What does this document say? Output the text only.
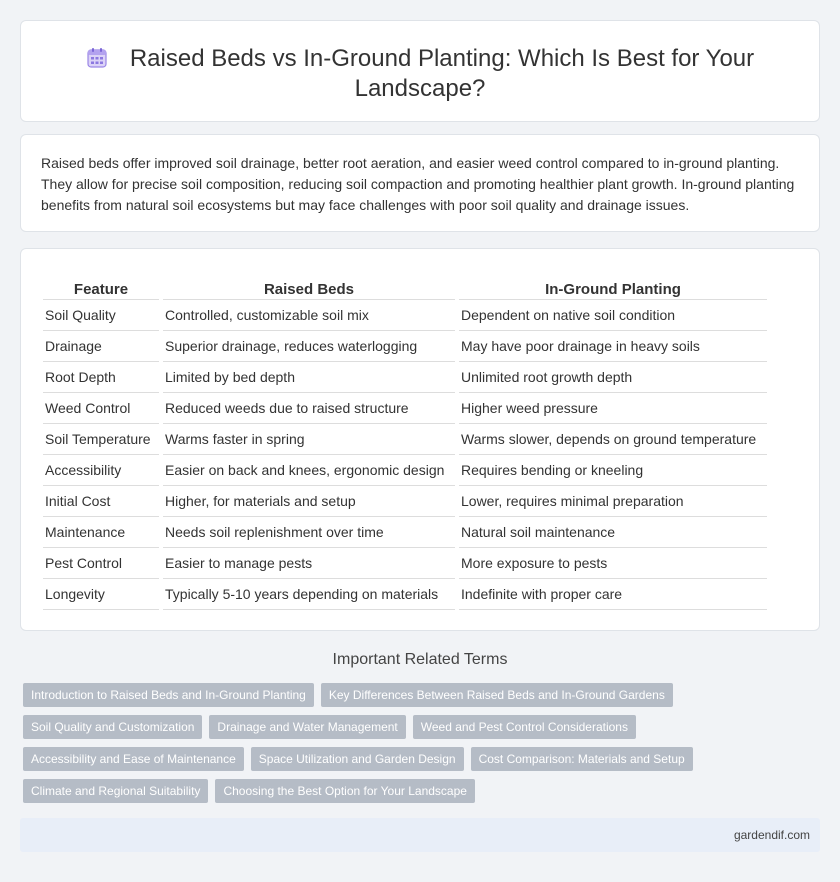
Raised Beds vs In-Ground Planting: Which Is Best for Your Landscape?

Raised beds offer improved soil drainage, better root aeration, and easier weed control compared to in-ground planting. They allow for precise soil composition, reducing soil compaction and promoting healthier plant growth. In-ground planting benefits from natural soil ecosystems but may face challenges with poor soil quality and drainage issues.

Feature	Raised Beds	In-Ground Planting
Soil Quality	Controlled, customizable soil mix	Dependent on native soil condition
Drainage	Superior drainage, reduces waterlogging	May have poor drainage in heavy soils
Root Depth	Limited by bed depth	Unlimited root growth depth
Weed Control	Reduced weeds due to raised structure	Higher weed pressure
Soil Temperature	Warms faster in spring	Warms slower, depends on ground temperature
Accessibility	Easier on back and knees, ergonomic design	Requires bending or kneeling
Initial Cost	Higher, for materials and setup	Lower, requires minimal preparation
Maintenance	Needs soil replenishment over time	Natural soil maintenance
Pest Control	Easier to manage pests	More exposure to pests
Longevity	Typically 5-10 years depending on materials	Indefinite with proper care
Important Related Terms
Introduction to Raised Beds and In-Ground Planting	Key Differences Between Raised Beds and In-Ground Gardens
Soil Quality and Customization	Drainage and Water Management	Weed and Pest Control Considerations
Accessibility and Ease of Maintenance	Space Utilization and Garden Design	Cost Comparison: Materials and Setup
Climate and Regional Suitability	Choosing the Best Option for Your Landscape
gardendif.com
